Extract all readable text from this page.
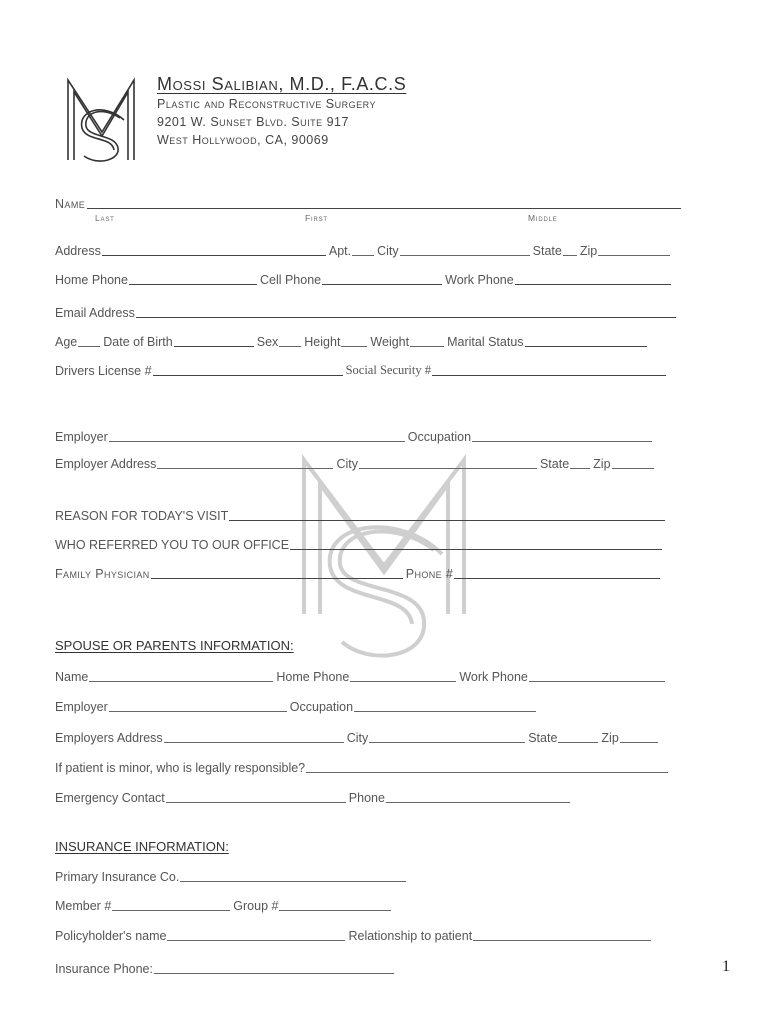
Mossi Salibian, M.D., F.A.C.S
Plastic and Reconstructive Surgery
9201 W. Sunset Blvd. Suite 917
West Hollywood, CA, 90069
Name
Last	First	Middle
Address	Apt. City	State Zip
Home Phone	Cell Phone	Work Phone
Email Address
Age Date of Birth	Sex Height Weight	Marital Status
Drivers License #	Social Security #
Employer	Occupation
Employer Address	City	State Zip
REASON FOR TODAY'S VISIT
WHO REFERRED YOU TO OUR OFFICE
Family Physician	Phone #
SPOUSE OR PARENTS INFORMATION:
Name	Home Phone	Work Phone
Employer	Occupation
Employers Address	City	State	Zip
If patient is minor, who is legally responsible?
Emergency Contact	Phone
INSURANCE INFORMATION:
Primary Insurance Co.
Member #	Group #
Policyholder's name	Relationship to patient
Insurance Phone:	1
